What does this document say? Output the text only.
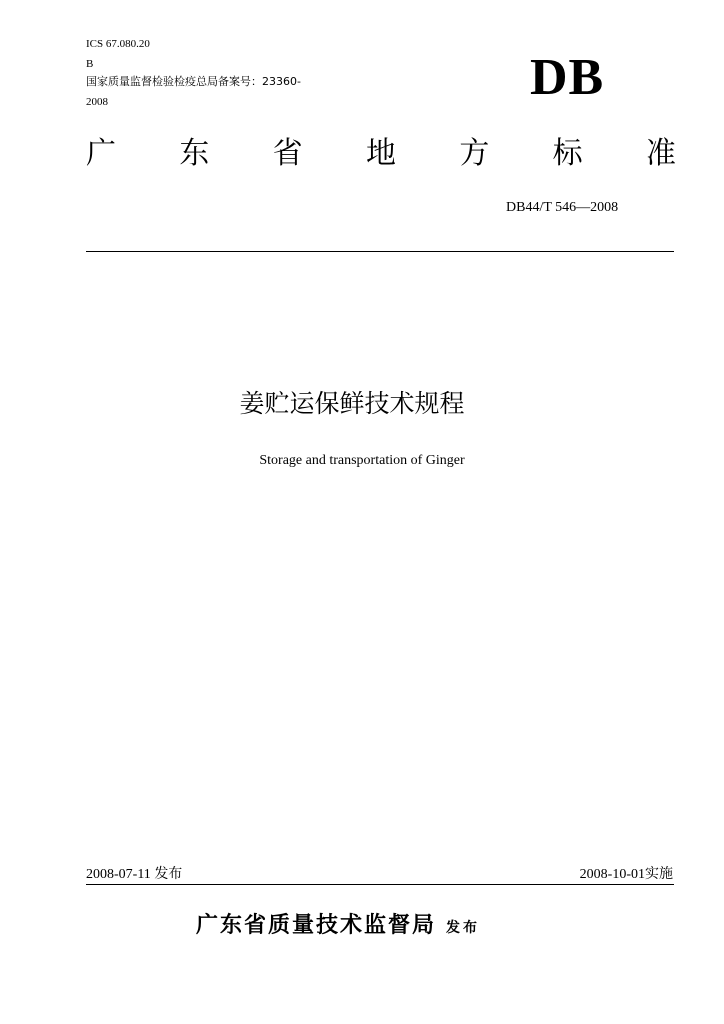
ICS 67.080.20
B
国家质量监督检验检疫总局备案号：23360-
2008	DB
广 东 省 地 方 标 准
DB44/T 546—2008
姜贮运保鲜技术规程
Storage and transportation of Ginger
2008-07-11 发布	2008-10-01实施
广东省质量技术监督局 发布
